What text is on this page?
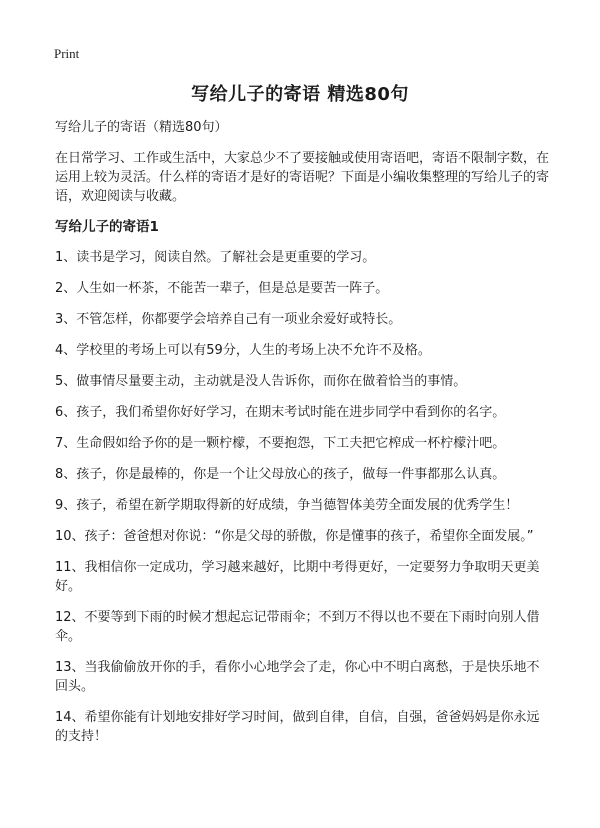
Print
写给儿子的寄语 精选80句

写给儿子的寄语（精选80句）

在日常学习、工作或生活中，大家总少不了要接触或使用寄语吧，寄语不限制字数，在运用上较为灵活。什么样的寄语才是好的寄语呢？下面是小编收集整理的写给儿子的寄语，欢迎阅读与收藏。

写给儿子的寄语1

1、读书是学习，阅读自然。了解社会是更重要的学习。
2、人生如一杯茶，不能苦一辈子，但是总是要苦一阵子。
3、不管怎样，你都要学会培养自己有一项业余爱好或特长。
4、学校里的考场上可以有59分，人生的考场上决不允许不及格。
5、做事情尽量要主动，主动就是没人告诉你，而你在做着恰当的事情。
6、孩子，我们希望你好好学习，在期末考试时能在进步同学中看到你的名字。
7、生命假如给予你的是一颗柠檬，不要抱怨，下工夫把它榨成一杯柠檬汁吧。
8、孩子，你是最棒的，你是一个让父母放心的孩子，做每一件事都那么认真。
9、孩子，希望在新学期取得新的好成绩，争当德智体美劳全面发展的优秀学生！
10、孩子：爸爸想对你说：“你是父母的骄傲，你是懂事的孩子，希望你全面发展。”
11、我相信你一定成功，学习越来越好，比期中考得更好，一定要努力争取明天更美好。
12、不要等到下雨的时候才想起忘记带雨伞；不到万不得以也不要在下雨时向别人借伞。
13、当我偷偷放开你的手，看你小心地学会了走，你心中不明白离愁，于是快乐地不回头。
14、希望你能有计划地安排好学习时间，做到自律，自信，自强，爸爸妈妈是你永远的支持！
